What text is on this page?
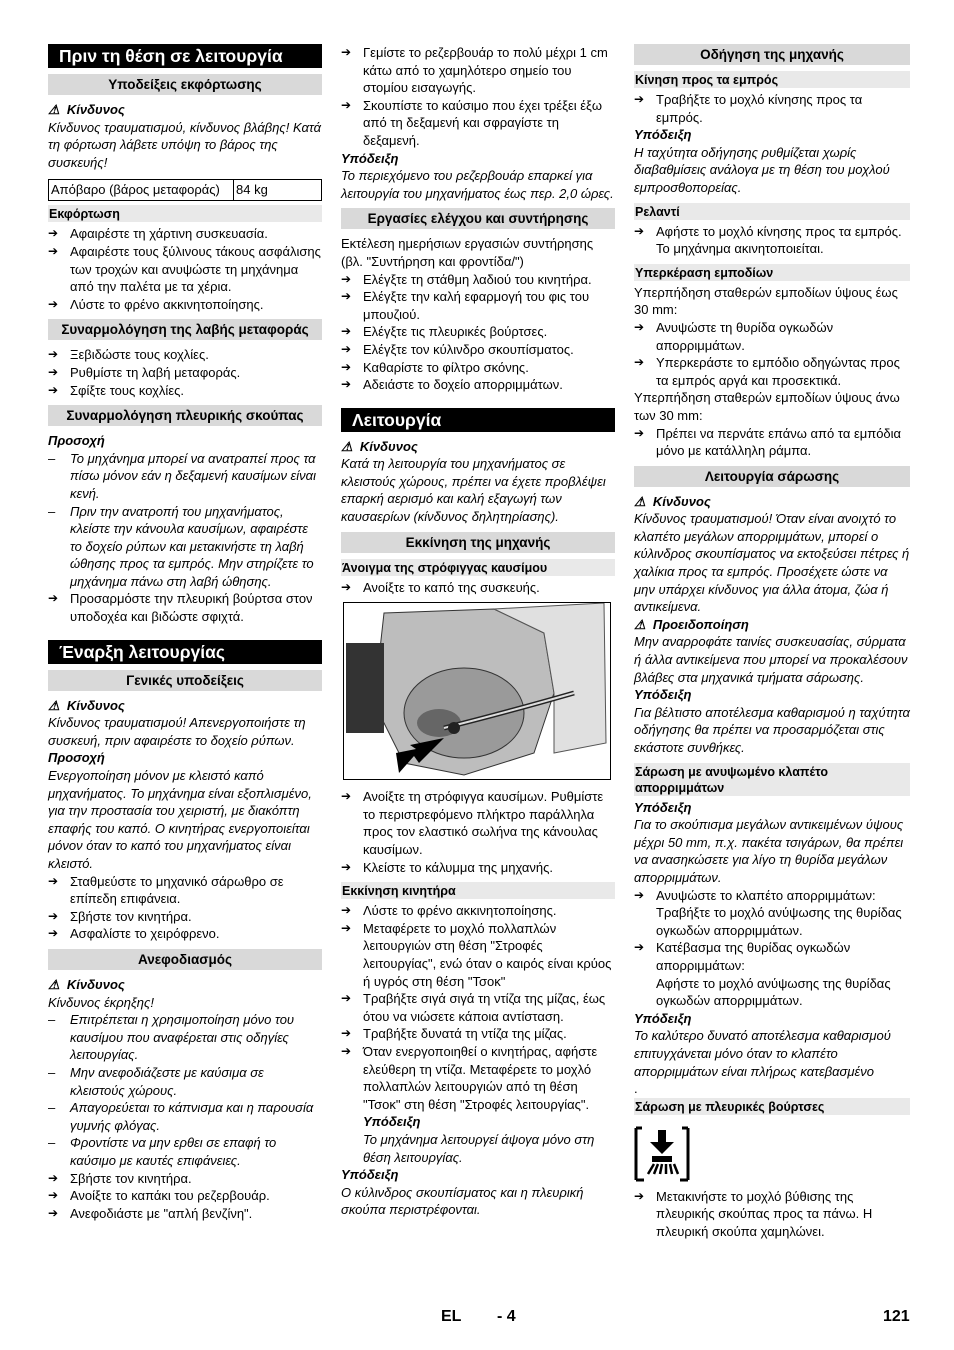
Πριν τη θέση σε λειτουργία
Υποδείξεις εκφόρτωσης
⚠ Κίνδυνος
Κίνδυνος τραυματισμού, κίνδυνος βλάβης! Κατά τη φόρτωση λάβετε υπόψη το βάρος της συσκευής!
Απόβαρο (βάρος μεταφοράς)	84 kg
Εκφόρτωση
➔ Αφαιρέστε τη χάρτινη συσκευασία.
➔ Αφαιρέστε τους ξύλινους τάκους ασφάλισης των τροχών και ανυψώστε τη μηχάνημα από την παλέτα με τα χέρια.
➔ Λύστε το φρένο ακκινητοποίησης.
Συναρμολόγηση της λαβής μεταφοράς
➔ Ξεβιδώστε τους κοχλίες.
➔ Ρυθμίστε τη λαβή μεταφοράς.
➔ Σφίξτε τους κοχλίες.
Συναρμολόγηση πλευρικής σκούπας
Προσοχή
– Το μηχάνημα μπορεί να ανατραπεί προς τα πίσω μόνον εάν η δεξαμενή καυσίμων είναι κενή.
– Πριν την ανατροπή του μηχανήματος, κλείστε την κάνουλα καυσίμων, αφαιρέστε το δοχείο ρύπων και μετακινήστε τη λαβή ώθησης προς τα εμπρός. Μην στηρίζετε το μηχάνημα πάνω στη λαβή ώθησης.
➔ Προσαρμόστε την πλευρική βούρτσα στον υποδοχέα και βιδώστε σφιχτά.
Έναρξη λειτουργίας
Γενικές υποδείξεις
⚠ Κίνδυνος
Κίνδυνος τραυματισμού! Απενεργοποιήστε τη συσκευή, πριν αφαιρέστε το δοχείο ρύπων.
Προσοχή
Ενεργοποίηση μόνον με κλειστό καπό μηχανήματος. Το μηχάνημα είναι εξοπλισμένο, για την προστασία του χειριστή, με διακόπτη επαφής του καπό. Ο κινητήρας ενεργοποιείται μόνον όταν το καπό του μηχανήματος είναι κλειστό.
➔ Σταθμεύστε το μηχανικό σάρωθρο σε επίπεδη επιφάνεια.
➔ Σβήστε τον κινητήρα.
➔ Ασφαλίστε το χειρόφρενο.
Ανεφοδιασμός
⚠ Κίνδυνος
Κίνδυνος έκρηξης!
– Επιτρέπεται η χρησιμοποίηση μόνο του καυσίμου που αναφέρεται στις οδηγίες λειτουργίας.
– Μην ανεφοδιάζεστε με καύσιμα σε κλειστούς χώρους.
– Απαγορεύεται το κάπνισμα και η παρουσία γυμνής φλόγας.
– Φροντίστε να μην ερθει σε επαφή το καύσιμο με καυτές επιφάνειες.
➔ Σβήστε τον κινητήρα.
➔ Ανοίξτε το καπάκι του ρεζερβουάρ.
➔ Ανεφοδιάστε με "απλή βενζίνη".
➔ Γεμίστε το ρεζερβουάρ το πολύ μέχρι 1 cm κάτω από το χαμηλότερο σημείο του στομίου εισαγωγής.
➔ Σκουπίστε το καύσιμο που έχει τρέξει έξω από τη δεξαμενή και σφραγίστε τη δεξαμενή.
Υπόδειξη
Το περιεχόμενο του ρεζερβουάρ επαρκεί για λειτουργία του μηχανήματος έως περ. 2,0 ώρες.
Εργασίες ελέγχου και συντήρησης
Εκτέλεση ημερήσιων εργασιών συντήρησης (βλ. "Συντήρηση και φροντίδα/")
➔ Ελέγξτε τη στάθμη λαδιού του κινητήρα.
➔ Ελέγξτε την καλή εφαρμογή του φις του μπουζιού.
➔ Ελέγξτε τις πλευρικές βούρτσες.
➔ Ελέγξτε τον κύλινδρο σκουπίσματος.
➔ Καθαρίστε το φίλτρο σκόνης.
➔ Αδειάστε το δοχείο απορριμμάτων.
Λειτουργία
⚠ Κίνδυνος
Κατά τη λειτουργία του μηχανήματος σε κλειστούς χώρους, πρέπει να έχετε προβλέψει επαρκή αερισμό και καλή εξαγωγή των καυσαερίων (κίνδυνος δηλητηρίασης).
Εκκίνηση της μηχανής
Άνοιγμα της στρόφιγγας καυσίμου
➔ Ανοίξτε το καπό της συσκευής.
➔ Ανοίξτε τη στρόφιγγα καυσίμων. Ρυθμίστε το περιστρεφόμενο πλήκτρο παράλληλα προς τον ελαστικό σωλήνα της κάνουλας καυσίμων.
➔ Κλείστε το κάλυμμα της μηχανής.
Εκκίνηση κινητήρα
➔ Λύστε το φρένο ακκινητοποίησης.
➔ Μεταφέρετε το μοχλό πολλαπλών λειτουργιών στη θέση "Στροφές λειτουργίας", ενώ όταν ο καιρός είναι κρύος ή υγρός στη θέση "Τσοκ"
➔ Τραβήξτε σιγά σιγά τη ντίζα της μίζας, έως ότου να νιώσετε κάποια αντίσταση.
➔ Τραβήξτε δυνατά τη ντίζα της μίζας.
➔ Όταν ενεργοποιηθεί ο κινητήρας, αφήστε ελεύθερη τη ντίζα. Μεταφέρετε το μοχλό πολλαπλών λειτουργιών από τη θέση "Τσοκ" στη θέση "Στροφές λειτουργίας".
Υπόδειξη
Το μηχάνημα λειτουργεί άψογα μόνο στη θέση λειτουργίας.
Υπόδειξη
Ο κύλινδρος σκουπίσματος και η πλευρική σκούπα περιστρέφονται.
Οδήγηση της μηχανής
Κίνηση προς τα εμπρός
➔ Τραβήξτε το μοχλό κίνησης προς τα εμπρός.
Υπόδειξη
Η ταχύτητα οδήγησης ρυθμίζεται χωρίς διαβαθμίσεις ανάλογα με τη θέση του μοχλού εμπροσθοπορείας.
Ρελαντί
➔ Αφήστε το μοχλό κίνησης προς τα εμπρός. Το μηχάνημα ακινητοποιείται.
Υπερκέραση εμποδίων
Υπερπήδηση σταθερών εμποδίων ύψους έως 30 mm:
➔ Ανυψώστε τη θυρίδα ογκωδών απορριμμάτων.
➔ Υπερκεράστε το εμπόδιο οδηγώντας προς τα εμπρός αργά και προσεκτικά.
Υπερπήδηση σταθερών εμποδίων ύψους άνω των 30 mm:
➔ Πρέπει να περνάτε επάνω από τα εμπόδια μόνο με κατάλληλη ράμπα.
Λειτουργία σάρωσης
⚠ Κίνδυνος
Κίνδυνος τραυματισμού! Όταν είναι ανοιχτό το κλαπέτο μεγάλων απορριμμάτων, μπορεί ο κύλινδρος σκουπίσματος να εκτοξεύσει πέτρες ή χαλίκια προς τα εμπρός. Προσέχετε ώστε να μην υπάρχει κίνδυνος για άλλα άτομα, ζώα ή αντικείμενα.
⚠ Προειδοποίηση
Μην αναρροφάτε ταινίες συσκευασίας, σύρματα ή άλλα αντικείμενα που μπορεί να προκαλέσουν βλάβες στα μηχανικά τμήματα σάρωσης.
Υπόδειξη
Για βέλτιστο αποτέλεσμα καθαρισμού η ταχύτητα οδήγησης θα πρέπει να προσαρμόζεται στις εκάστοτε συνθήκες.
Σάρωση με ανυψωμένο κλαπέτο απορριμμάτων
Υπόδειξη
Για το σκούπισμα μεγάλων αντικειμένων ύψους μέχρι 50 mm, π.χ. πακέτα τσιγάρων, θα πρέπει να ανασηκώσετε για λίγο τη θυρίδα μεγάλων απορριμμάτων.
➔ Ανυψώστε το κλαπέτο απορριμμάτων:
Τραβήξτε το μοχλό ανύψωσης της θυρίδας ογκωδών απορριμμάτων.
➔ Κατέβασμα της θυρίδας ογκωδών απορριμμάτων:
Αφήστε το μοχλό ανύψωσης της θυρίδας ογκωδών απορριμμάτων.
Υπόδειξη
Το καλύτερο δυνατό αποτέλεσμα καθαρισμού επιτυγχάνεται μόνο όταν το κλαπέτο απορριμμάτων είναι πλήρως κατεβασμένο
.
Σάρωση με πλευρικές βούρτσες
➔ Μετακινήστε το μοχλό βύθισης της πλευρικής σκούπας προς τα πάνω. Η πλευρική σκούπα χαμηλώνει.
EL - 4	121
